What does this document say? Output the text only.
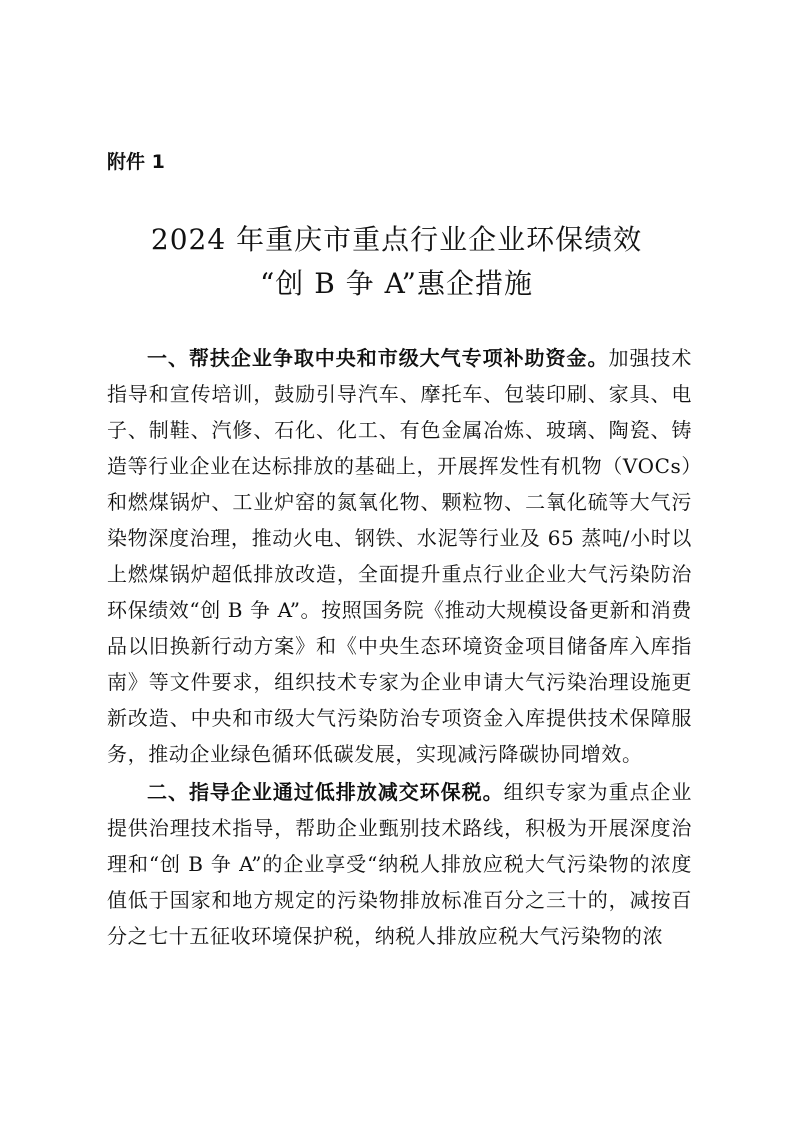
附件 1

2024 年重庆市重点行业企业环保绩效
“创 B 争 A”惠企措施

一、帮扶企业争取中央和市级大气专项补助资金。加强技术指导和宣传培训，鼓励引导汽车、摩托车、包装印刷、家具、电子、制鞋、汽修、石化、化工、有色金属冶炼、玻璃、陶瓷、铸造等行业企业在达标排放的基础上，开展挥发性有机物（VOCs）和燃煤锅炉、工业炉窑的氮氧化物、颗粒物、二氧化硫等大气污染物深度治理，推动火电、钢铁、水泥等行业及 65 蒸吨/小时以上燃煤锅炉超低排放改造，全面提升重点行业企业大气污染防治环保绩效“创 B 争 A”。按照国务院《推动大规模设备更新和消费品以旧换新行动方案》和《中央生态环境资金项目储备库入库指南》等文件要求，组织技术专家为企业申请大气污染治理设施更新改造、中央和市级大气污染防治专项资金入库提供技术保障服务，推动企业绿色循环低碳发展，实现减污降碳协同增效。

二、指导企业通过低排放减交环保税。组织专家为重点企业提供治理技术指导，帮助企业甄别技术路线，积极为开展深度治理和“创 B 争 A”的企业享受“纳税人排放应税大气污染物的浓度值低于国家和地方规定的污染物排放标准百分之三十的，减按百分之七十五征收环境保护税，纳税人排放应税大气污染物的浓
